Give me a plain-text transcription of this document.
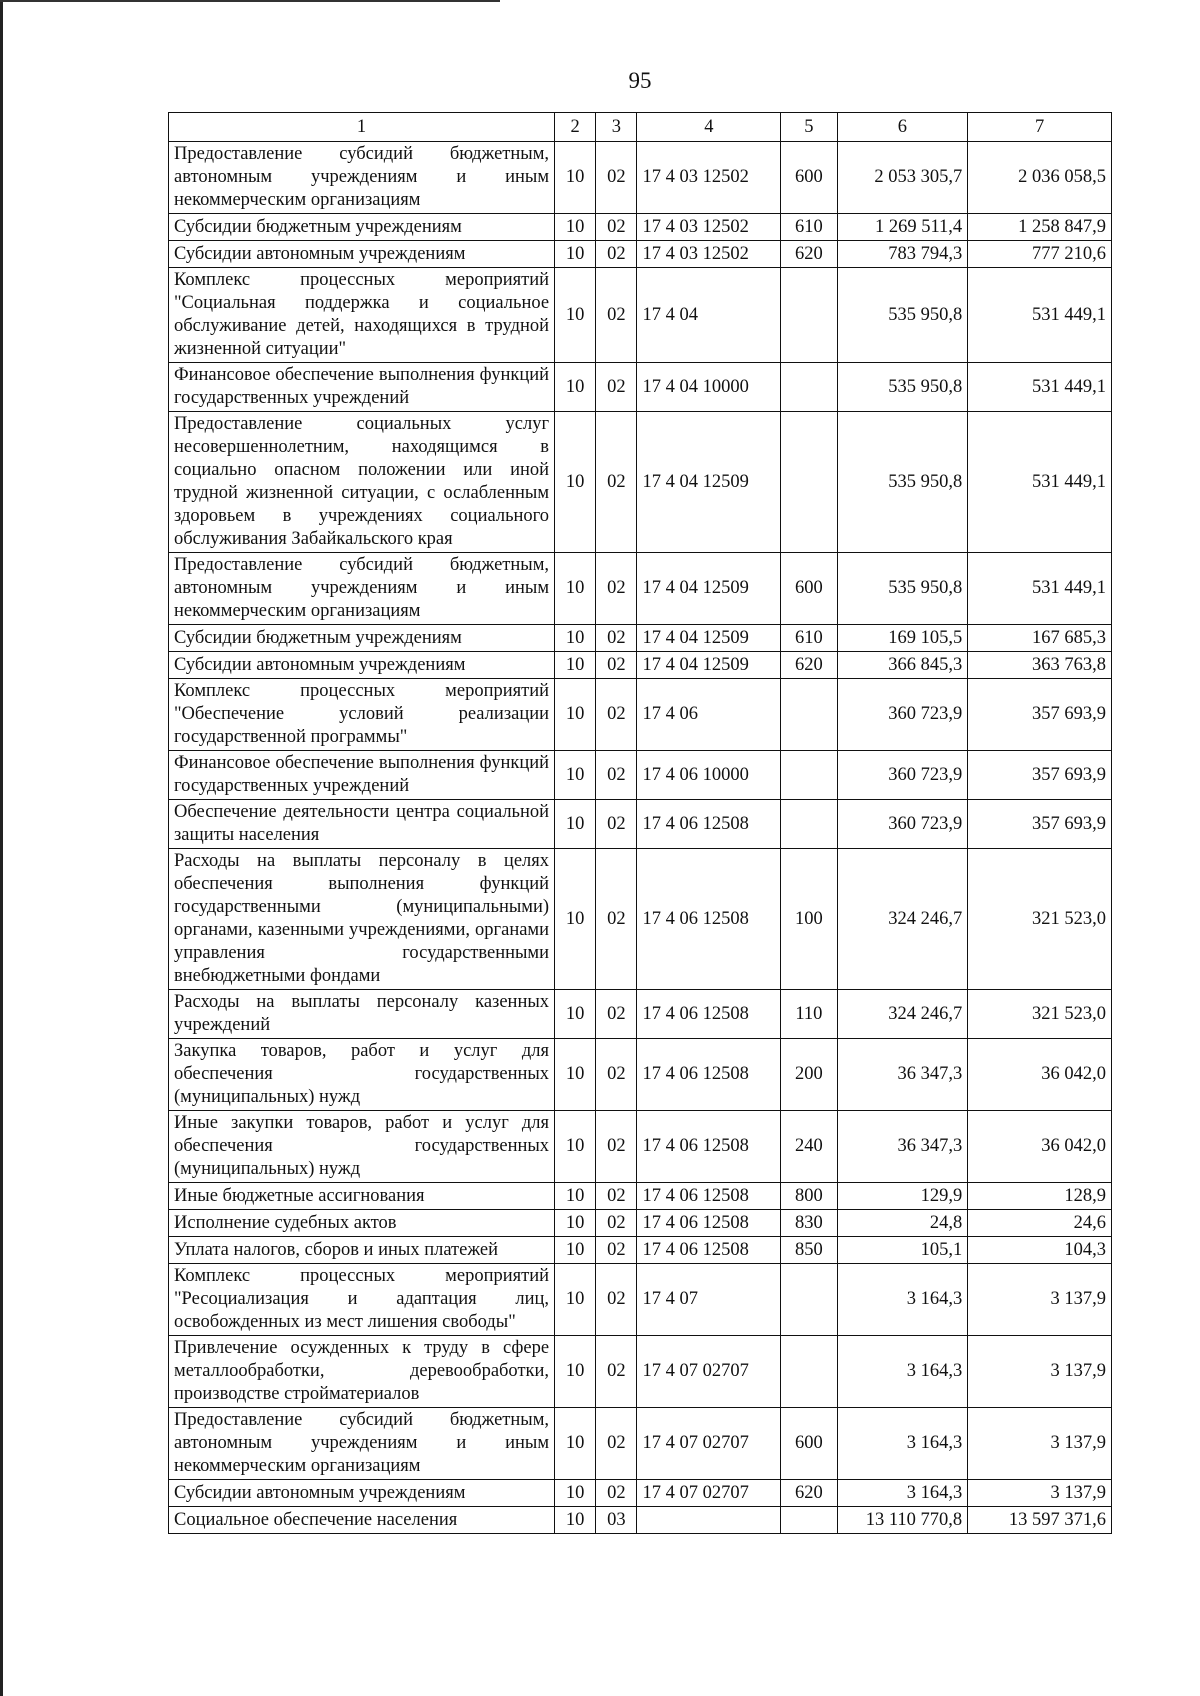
95
1	2	3	4	5	6	7
Предоставление субсидий бюджетным, автономным учреждениям и иным некоммерческим организациям	10	02	17 4 03 12502	600	2 053 305,7	2 036 058,5
Субсидии бюджетным учреждениям	10	02	17 4 03 12502	610	1 269 511,4	1 258 847,9
Субсидии автономным учреждениям	10	02	17 4 03 12502	620	783 794,3	777 210,6
Комплекс процессных мероприятий "Социальная поддержка и социальное обслуживание детей, находящихся в трудной жизненной ситуации"	10	02	17 4 04		535 950,8	531 449,1
Финансовое обеспечение выполнения функций государственных учреждений	10	02	17 4 04 10000		535 950,8	531 449,1
Предоставление социальных услуг несовершеннолетним, находящимся в социально опасном положении или иной трудной жизненной ситуации, с ослабленным здоровьем в учреждениях социального обслуживания Забайкальского края	10	02	17 4 04 12509		535 950,8	531 449,1
Предоставление субсидий бюджетным, автономным учреждениям и иным некоммерческим организациям	10	02	17 4 04 12509	600	535 950,8	531 449,1
Субсидии бюджетным учреждениям	10	02	17 4 04 12509	610	169 105,5	167 685,3
Субсидии автономным учреждениям	10	02	17 4 04 12509	620	366 845,3	363 763,8
Комплекс процессных мероприятий "Обеспечение условий реализации государственной программы"	10	02	17 4 06		360 723,9	357 693,9
Финансовое обеспечение выполнения функций государственных учреждений	10	02	17 4 06 10000		360 723,9	357 693,9
Обеспечение деятельности центра социальной защиты населения	10	02	17 4 06 12508		360 723,9	357 693,9
Расходы на выплаты персоналу в целях обеспечения выполнения функций государственными (муниципальными) органами, казенными учреждениями, органами управления государственными внебюджетными фондами	10	02	17 4 06 12508	100	324 246,7	321 523,0
Расходы на выплаты персоналу казенных учреждений	10	02	17 4 06 12508	110	324 246,7	321 523,0
Закупка товаров, работ и услуг для обеспечения государственных (муниципальных) нужд	10	02	17 4 06 12508	200	36 347,3	36 042,0
Иные закупки товаров, работ и услуг для обеспечения государственных (муниципальных) нужд	10	02	17 4 06 12508	240	36 347,3	36 042,0
Иные бюджетные ассигнования	10	02	17 4 06 12508	800	129,9	128,9
Исполнение судебных актов	10	02	17 4 06 12508	830	24,8	24,6
Уплата налогов, сборов и иных платежей	10	02	17 4 06 12508	850	105,1	104,3
Комплекс процессных мероприятий "Ресоциализация и адаптация лиц, освобожденных из мест лишения свободы"	10	02	17 4 07		3 164,3	3 137,9
Привлечение осужденных к труду в сфере металлообработки, деревообработки, производстве стройматериалов	10	02	17 4 07 02707		3 164,3	3 137,9
Предоставление субсидий бюджетным, автономным учреждениям и иным некоммерческим организациям	10	02	17 4 07 02707	600	3 164,3	3 137,9
Субсидии автономным учреждениям	10	02	17 4 07 02707	620	3 164,3	3 137,9
Социальное обеспечение населения	10	03			13 110 770,8	13 597 371,6
